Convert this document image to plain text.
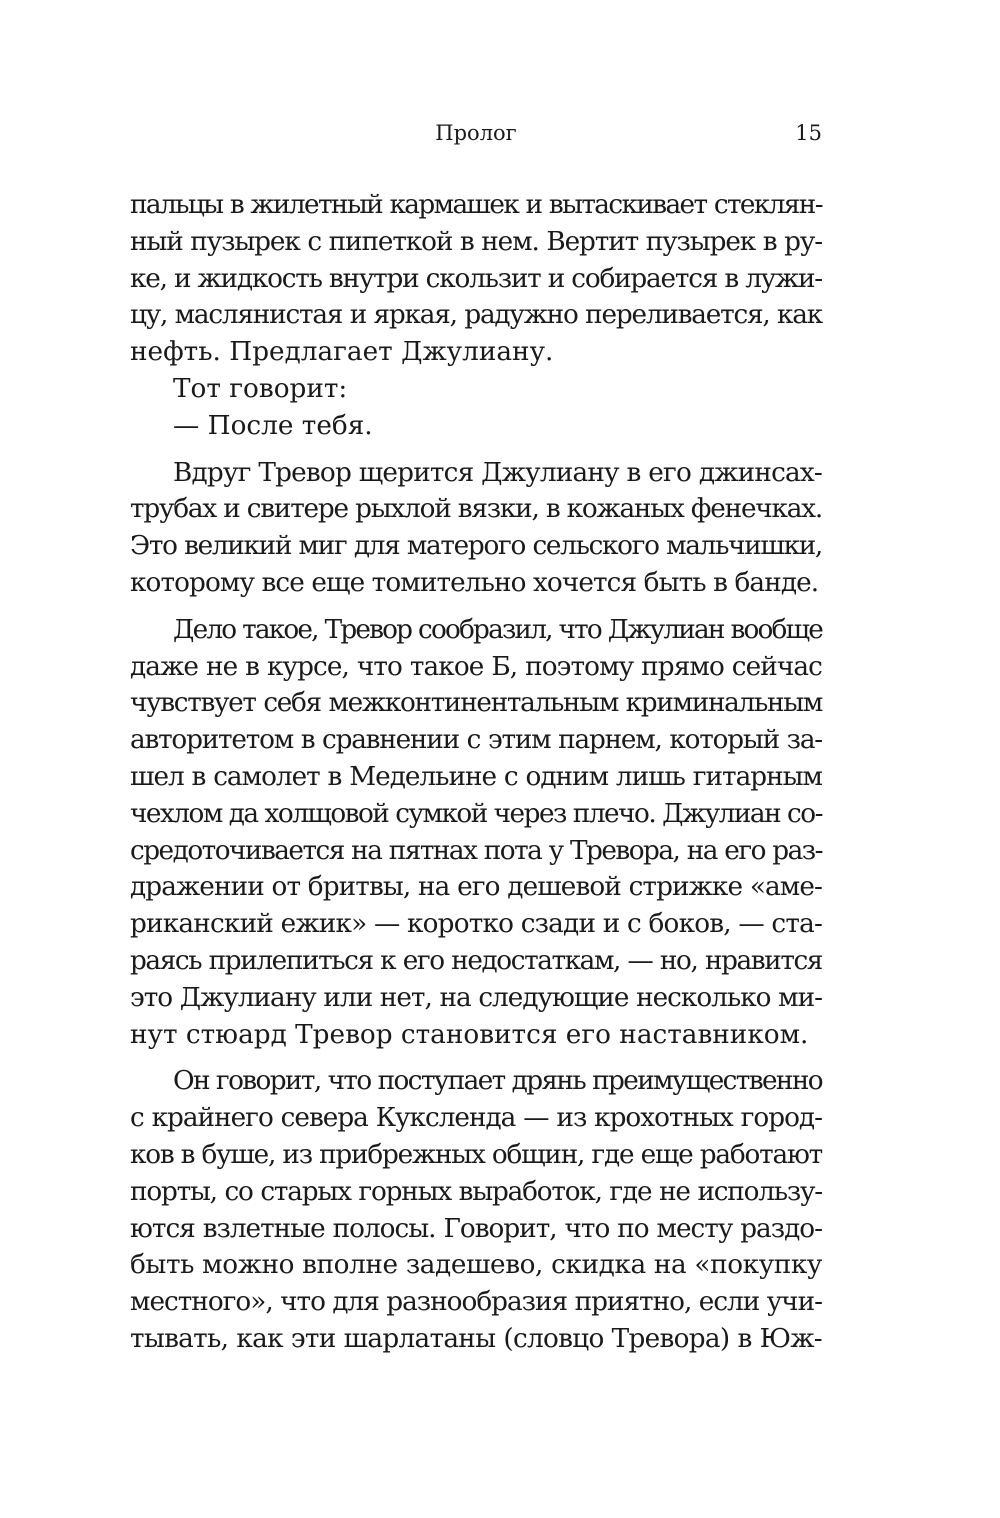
Пролог	15
пальцы в жилетный кармашек и вытаскивает стеклян-
ный пузырек с пипеткой в нем. Вертит пузырек в ру-
ке, и жидкость внутри скользит и собирается в лужи-
цу, маслянистая и яркая, радужно переливается, как
нефть. Предлагает Джулиану.
Тот говорит:
— После тебя.
Вдруг Тревор щерится Джулиану в его джинсах-
трубах и свитере рыхлой вязки, в кожаных фенечках.
Это великий миг для матерого сельского мальчишки,
которому все еще томительно хочется быть в банде.
Дело такое, Тревор сообразил, что Джулиан вообще
даже не в курсе, что такое Б, поэтому прямо сейчас
чувствует себя межконтинентальным криминальным
авторитетом в сравнении с этим парнем, который за-
шел в самолет в Медельине с одним лишь гитарным
чехлом да холщовой сумкой через плечо. Джулиан со-
средоточивается на пятнах пота у Тревора, на его раз-
дражении от бритвы, на его дешевой стрижке «аме-
риканский ежик» — коротко сзади и с боков, — ста-
раясь прилепиться к его недостаткам, — но, нравится
это Джулиану или нет, на следующие несколько ми-
нут стюард Тревор становится его наставником.
Он говорит, что поступает дрянь преимущественно
с крайнего севера Куксленда — из крохотных город-
ков в буше, из прибрежных общин, где еще работают
порты, со старых горных выработок, где не использу-
ются взлетные полосы. Говорит, что по месту раздо-
быть можно вполне задешево, скидка на «покупку
местного», что для разнообразия приятно, если учи-
тывать, как эти шарлатаны (словцо Тревора) в Юж-
